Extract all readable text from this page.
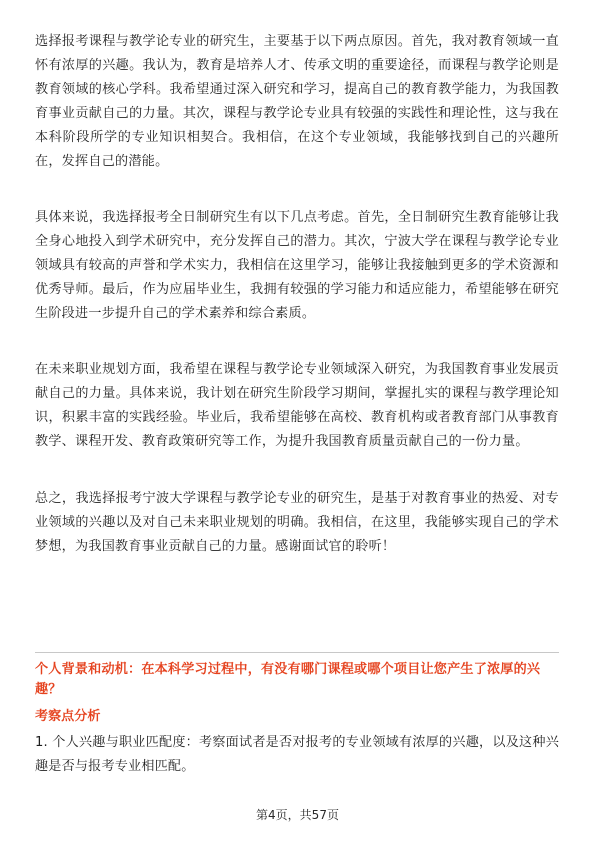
选择报考课程与教学论专业的研究生，主要基于以下两点原因。首先，我对教育领域一直怀有浓厚的兴趣。我认为，教育是培养人才、传承文明的重要途径，而课程与教学论则是教育领域的核心学科。我希望通过深入研究和学习，提高自己的教育教学能力，为我国教育事业贡献自己的力量。其次，课程与教学论专业具有较强的实践性和理论性，这与我在本科阶段所学的专业知识相契合。我相信，在这个专业领域，我能够找到自己的兴趣所在，发挥自己的潜能。

具体来说，我选择报考全日制研究生有以下几点考虑。首先，全日制研究生教育能够让我全身心地投入到学术研究中，充分发挥自己的潜力。其次，宁波大学在课程与教学论专业领域具有较高的声誉和学术实力，我相信在这里学习，能够让我接触到更多的学术资源和优秀导师。最后，作为应届毕业生，我拥有较强的学习能力和适应能力，希望能够在研究生阶段进一步提升自己的学术素养和综合素质。

在未来职业规划方面，我希望在课程与教学论专业领域深入研究，为我国教育事业发展贡献自己的力量。具体来说，我计划在研究生阶段学习期间，掌握扎实的课程与教学理论知识，积累丰富的实践经验。毕业后，我希望能够在高校、教育机构或者教育部门从事教育教学、课程开发、教育政策研究等工作，为提升我国教育质量贡献自己的一份力量。

总之，我选择报考宁波大学课程与教学论专业的研究生，是基于对教育事业的热爱、对专业领域的兴趣以及对自己未来职业规划的明确。我相信，在这里，我能够实现自己的学术梦想，为我国教育事业贡献自己的力量。感谢面试官的聆听！

个人背景和动机：在本科学习过程中，有没有哪门课程或哪个项目让您产生了浓厚的兴趣？

考察点分析

1. 个人兴趣与职业匹配度：考察面试者是否对报考的专业领域有浓厚的兴趣，以及这种兴趣是否与报考专业相匹配。

第4页，共57页
